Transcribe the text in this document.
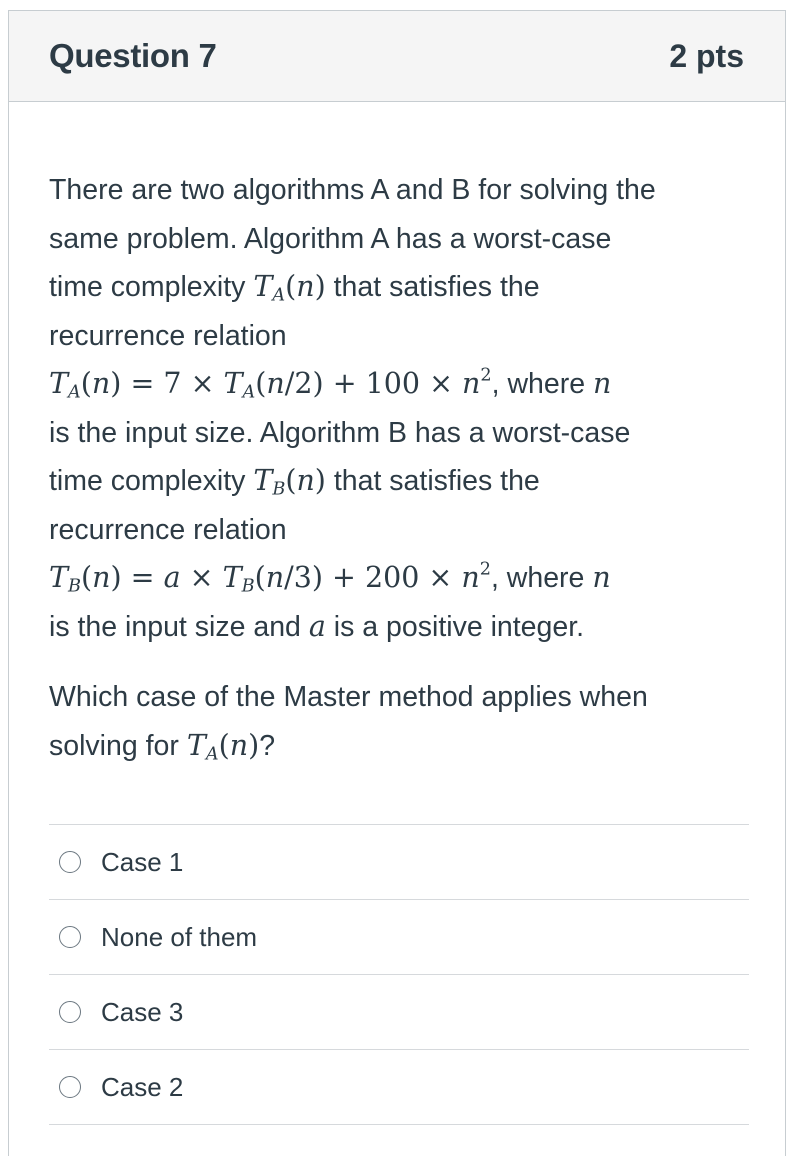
Question 7	2 pts

There are two algorithms A and B for solving the
same problem. Algorithm A has a worst-case
time complexity $T_A(n)$ that satisfies the
recurrence relation

$T_A(n) = 7 \times T_A(n/2) + 100 \times n^2$, where n
is the input size. Algorithm B has a worst-case
time complexity $T_B(n)$ that satisfies the
recurrence relation

$T_B(n) = a \times T_B(n/3) + 200 \times n^2$, where n
is the input size and a is a positive integer.

Which case of the Master method applies when
solving for $T_A(n)$?

Case 1
None of them
Case 3
Case 2
